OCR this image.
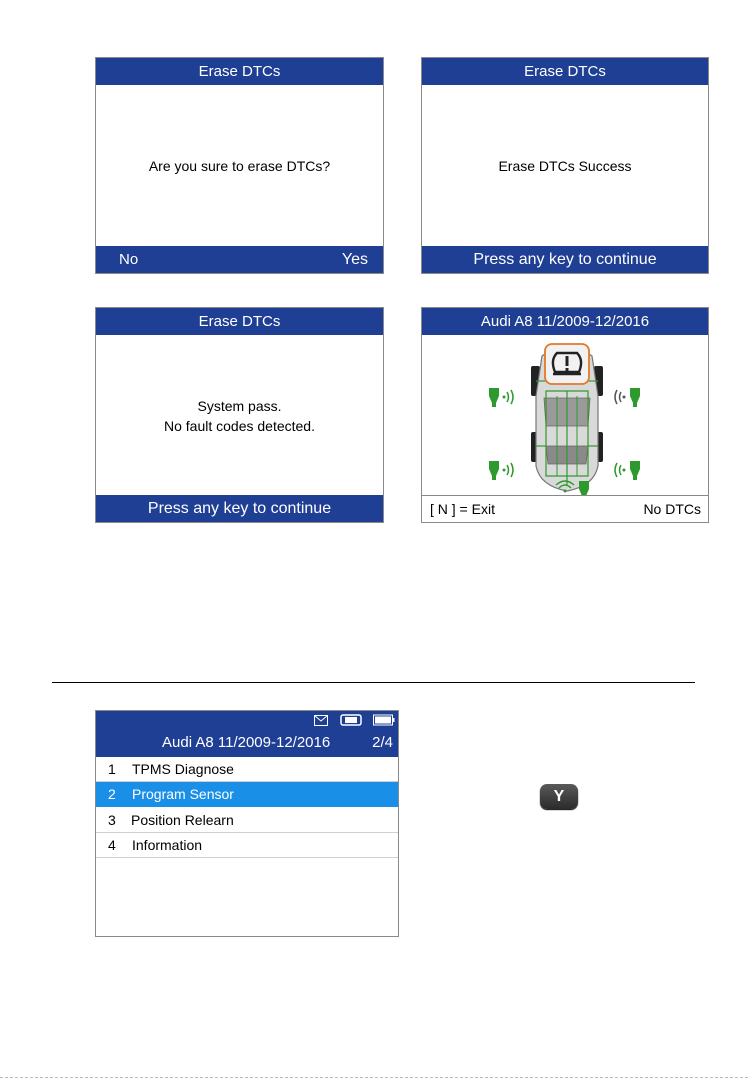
Erase DTCs
Are you sure to erase DTCs?
No	Yes
Erase DTCs
Erase DTCs Success
Press any key to continue
Erase DTCs
System pass.
No fault codes detected.
Press any key to continue
Audi A8 11/2009-12/2016
[ N ] = Exit	No DTCs
Audi A8 11/2009-12/2016	2/4
1 TPMS Diagnose
2 Program Sensor
3 Position Relearn
4 Information
Y
